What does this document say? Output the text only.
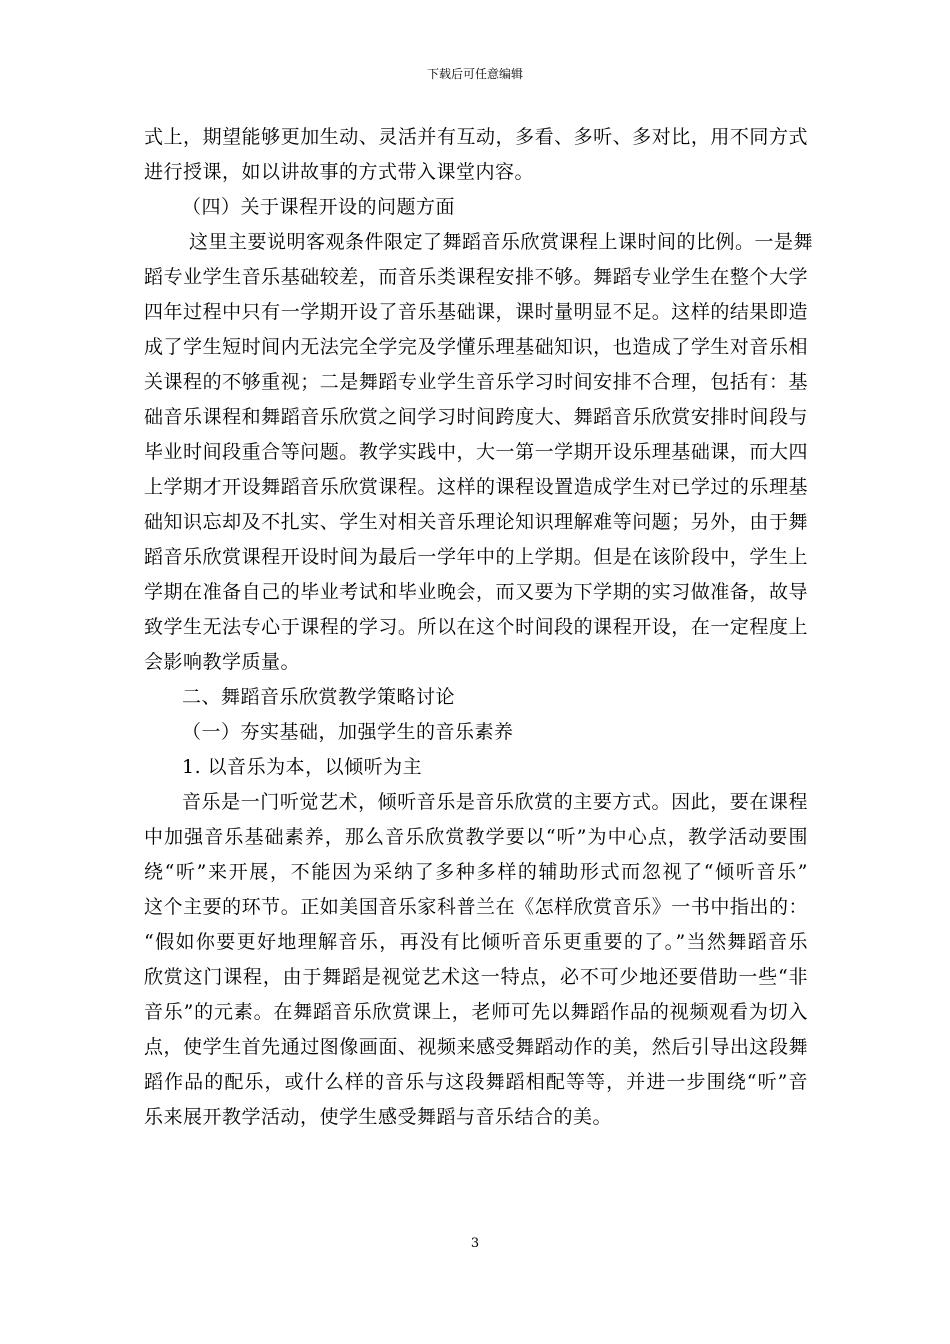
下载后可任意编辑
式上，期望能够更加生动、灵活并有互动，多看、多听、多对比，用不同方式
进行授课，如以讲故事的方式带入课堂内容。
（四）关于课程开设的问题方面
这里主要说明客观条件限定了舞蹈音乐欣赏课程上课时间的比例。一是舞
蹈专业学生音乐基础较差，而音乐类课程安排不够。舞蹈专业学生在整个大学
四年过程中只有一学期开设了音乐基础课，课时量明显不足。这样的结果即造
成了学生短时间内无法完全学完及学懂乐理基础知识，也造成了学生对音乐相
关课程的不够重视；二是舞蹈专业学生音乐学习时间安排不合理，包括有：基
础音乐课程和舞蹈音乐欣赏之间学习时间跨度大、舞蹈音乐欣赏安排时间段与
毕业时间段重合等问题。教学实践中，大一第一学期开设乐理基础课，而大四
上学期才开设舞蹈音乐欣赏课程。这样的课程设置造成学生对已学过的乐理基
础知识忘却及不扎实、学生对相关音乐理论知识理解难等问题；另外，由于舞
蹈音乐欣赏课程开设时间为最后一学年中的上学期。但是在该阶段中，学生上
学期在准备自己的毕业考试和毕业晚会，而又要为下学期的实习做准备，故导
致学生无法专心于课程的学习。所以在这个时间段的课程开设，在一定程度上
会影响教学质量。
二、舞蹈音乐欣赏教学策略讨论
（一）夯实基础，加强学生的音乐素养
1. 以音乐为本，以倾听为主
音乐是一门听觉艺术，倾听音乐是音乐欣赏的主要方式。因此，要在课程
中加强音乐基础素养，那么音乐欣赏教学要以“听”为中心点，教学活动要围
绕“听”来开展，不能因为采纳了多种多样的辅助形式而忽视了“倾听音乐”
这个主要的环节。正如美国音乐家科普兰在《怎样欣赏音乐》一书中指出的：
“假如你要更好地理解音乐，再没有比倾听音乐更重要的了。”当然舞蹈音乐
欣赏这门课程，由于舞蹈是视觉艺术这一特点，必不可少地还要借助一些“非
音乐”的元素。在舞蹈音乐欣赏课上，老师可先以舞蹈作品的视频观看为切入
点，使学生首先通过图像画面、视频来感受舞蹈动作的美，然后引导出这段舞
蹈作品的配乐，或什么样的音乐与这段舞蹈相配等等，并进一步围绕“听”音
乐来展开教学活动，使学生感受舞蹈与音乐结合的美。
3
